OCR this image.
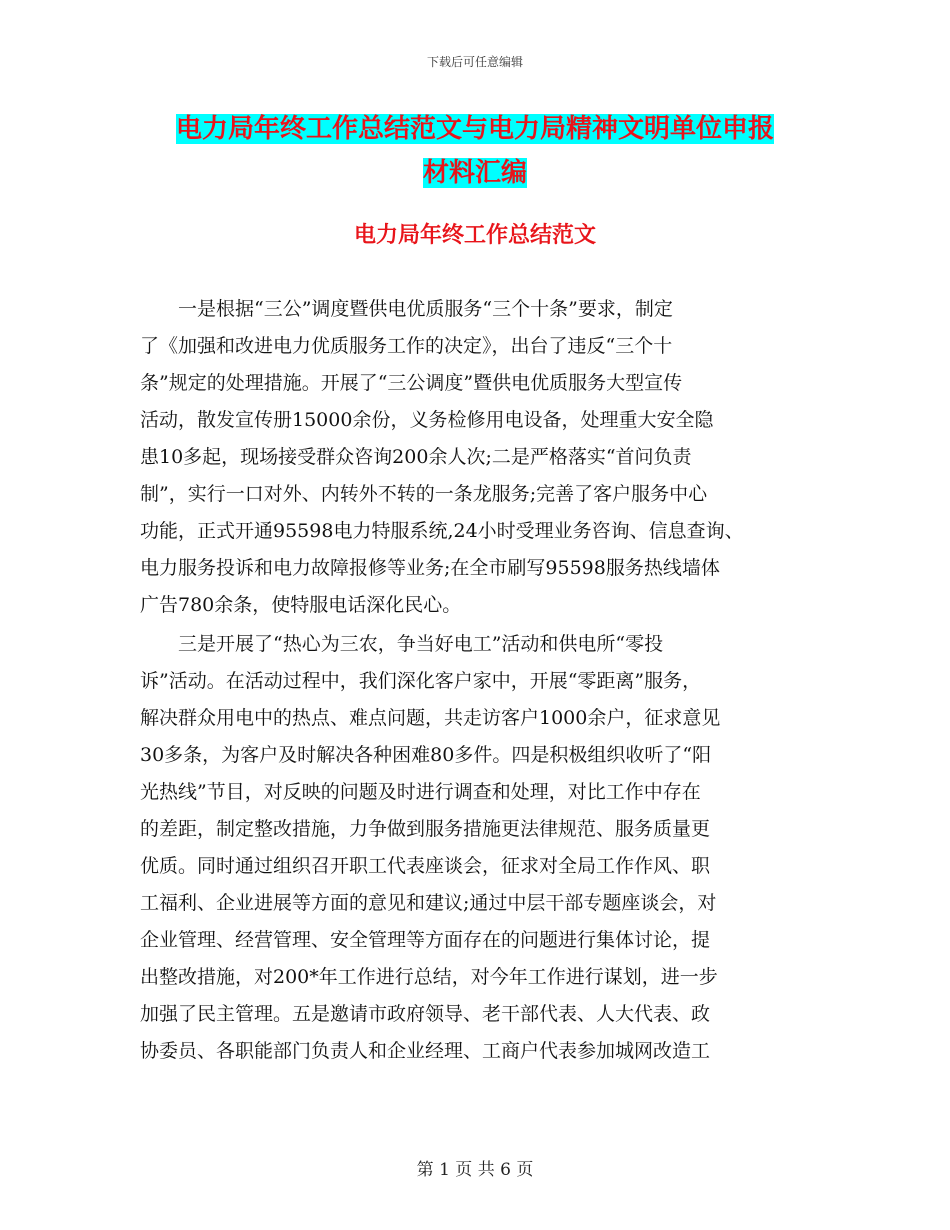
下载后可任意编辑
电力局年终工作总结范文与电力局精神文明单位申报
材料汇编
电力局年终工作总结范文
　　一是根据“三公”调度暨供电优质服务“三个十条”要求，制定
了《加强和改进电力优质服务工作的决定》，出台了违反“三个十
条”规定的处理措施。开展了“三公调度”暨供电优质服务大型宣传
活动，散发宣传册15000余份，义务检修用电设备，处理重大安全隐
患10多起，现场接受群众咨询200余人次;二是严格落实“首问负责
制”，实行一口对外、内转外不转的一条龙服务;完善了客户服务中心
功能，正式开通95598电力特服系统,24小时受理业务咨询、信息查询、
电力服务投诉和电力故障报修等业务;在全市刷写95598服务热线墙体
广告780余条，使特服电话深化民心。
　　三是开展了“热心为三农，争当好电工”活动和供电所“零投
诉”活动。在活动过程中，我们深化客户家中，开展“零距离”服务，
解决群众用电中的热点、难点问题，共走访客户1000余户，征求意见
30多条，为客户及时解决各种困难80多件。四是积极组织收听了“阳
光热线”节目，对反映的问题及时进行调查和处理，对比工作中存在
的差距，制定整改措施，力争做到服务措施更法律规范、服务质量更
优质。同时通过组织召开职工代表座谈会，征求对全局工作作风、职
工福利、企业进展等方面的意见和建议;通过中层干部专题座谈会，对
企业管理、经营管理、安全管理等方面存在的问题进行集体讨论，提
出整改措施，对200*年工作进行总结，对今年工作进行谋划，进一步
加强了民主管理。五是邀请市政府领导、老干部代表、人大代表、政
协委员、各职能部门负责人和企业经理、工商户代表参加城网改造工
第 1 页 共 6 页
